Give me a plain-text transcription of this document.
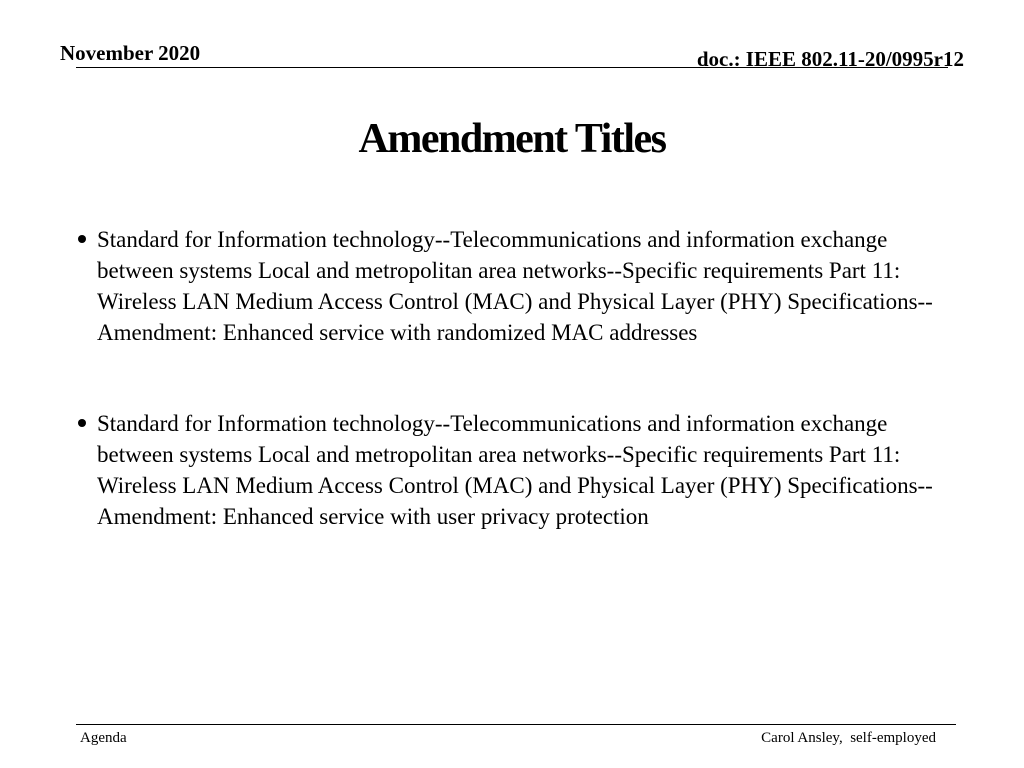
November 2020	doc.: IEEE 802.11-20/0995r12
Amendment Titles
Standard for Information technology--Telecommunications and information exchange between systems Local and metropolitan area networks--Specific requirements Part 11: Wireless LAN Medium Access Control (MAC) and Physical Layer (PHY) Specifications-- Amendment: Enhanced service with randomized MAC addresses
Standard for Information technology--Telecommunications and information exchange between systems Local and metropolitan area networks--Specific requirements Part 11: Wireless LAN Medium Access Control (MAC) and Physical Layer (PHY) Specifications-- Amendment: Enhanced service with user privacy protection
Agenda	Carol Ansley,  self-employed
